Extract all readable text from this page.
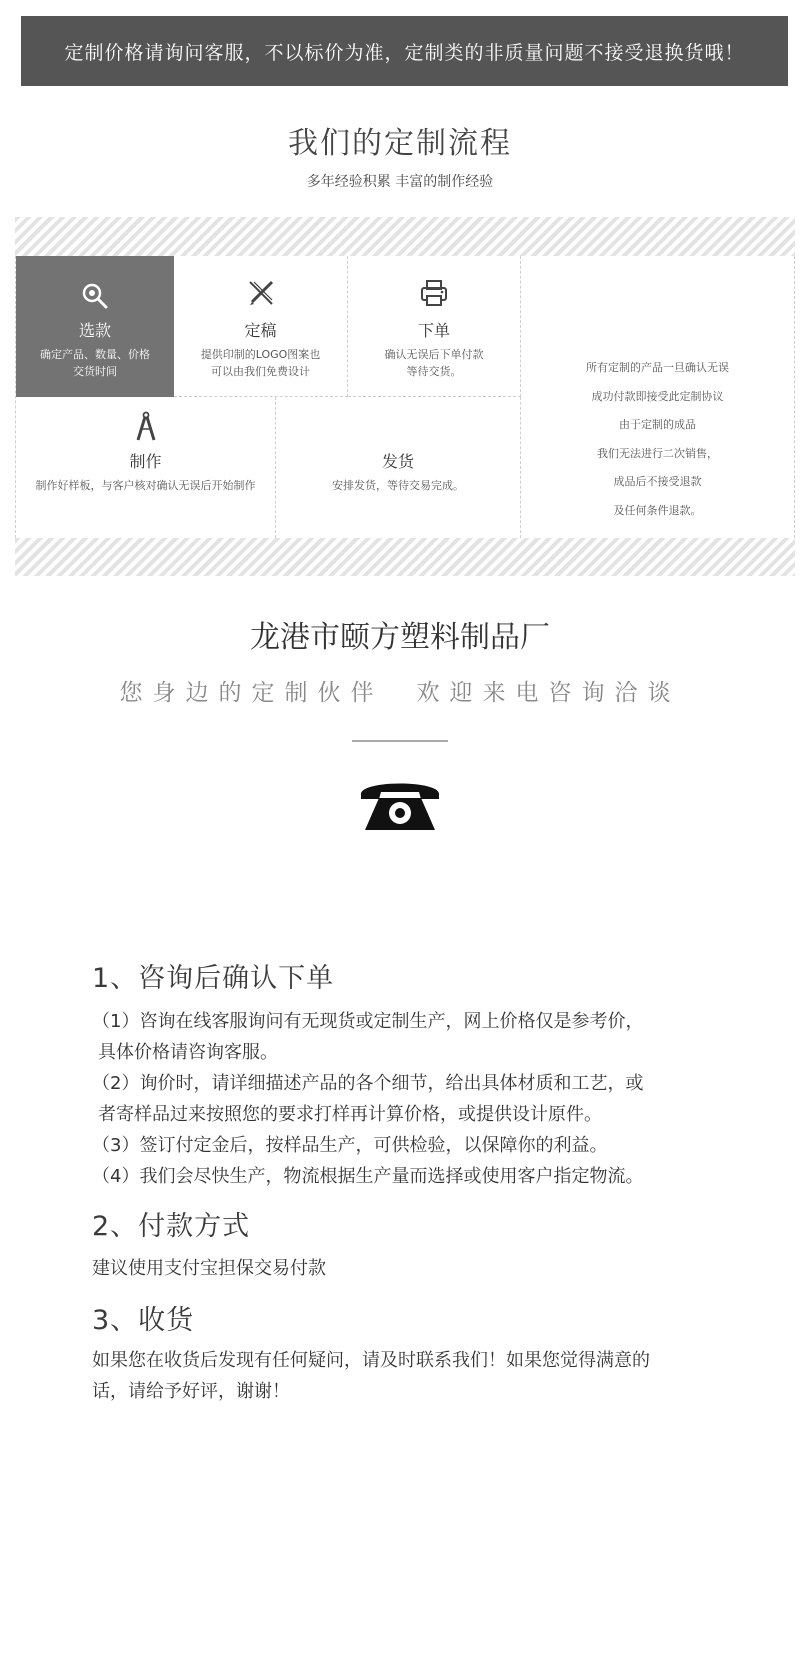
定制价格请询问客服，不以标价为准，定制类的非质量问题不接受退换货哦！
我们的定制流程
多年经验积累 丰富的制作经验
选款
确定产品、数量、价格
交货时间
定稿
提供印制的LOGO图案也
可以由我们免费设计
下单
确认无误后下单付款
等待交货。	所有定制的产品一旦确认无误
成功付款即接受此定制协议
由于定制的成品
我们无法进行二次销售，
成品后不接受退款
及任何条件退款。
制作
制作好样板，与客户核对确认无误后开始制作
发货
安排发货，等待交易完成。
龙港市颐方塑料制品厂
您身边的定制伙伴　欢迎来电咨询洽谈
1、咨询后确认下单
（1）咨询在线客服询问有无现货或定制生产，网上价格仅是参考价，
具体价格请咨询客服。
（2）询价时，请详细描述产品的各个细节，给出具体材质和工艺，或
者寄样品过来按照您的要求打样再计算价格，或提供设计原件。
（3）签订付定金后，按样品生产，可供检验，以保障你的利益。
（4）我们会尽快生产，物流根据生产量而选择或使用客户指定物流。
2、付款方式
建议使用支付宝担保交易付款
3、收货
如果您在收货后发现有任何疑问，请及时联系我们！如果您觉得满意的
话，请给予好评，谢谢！
